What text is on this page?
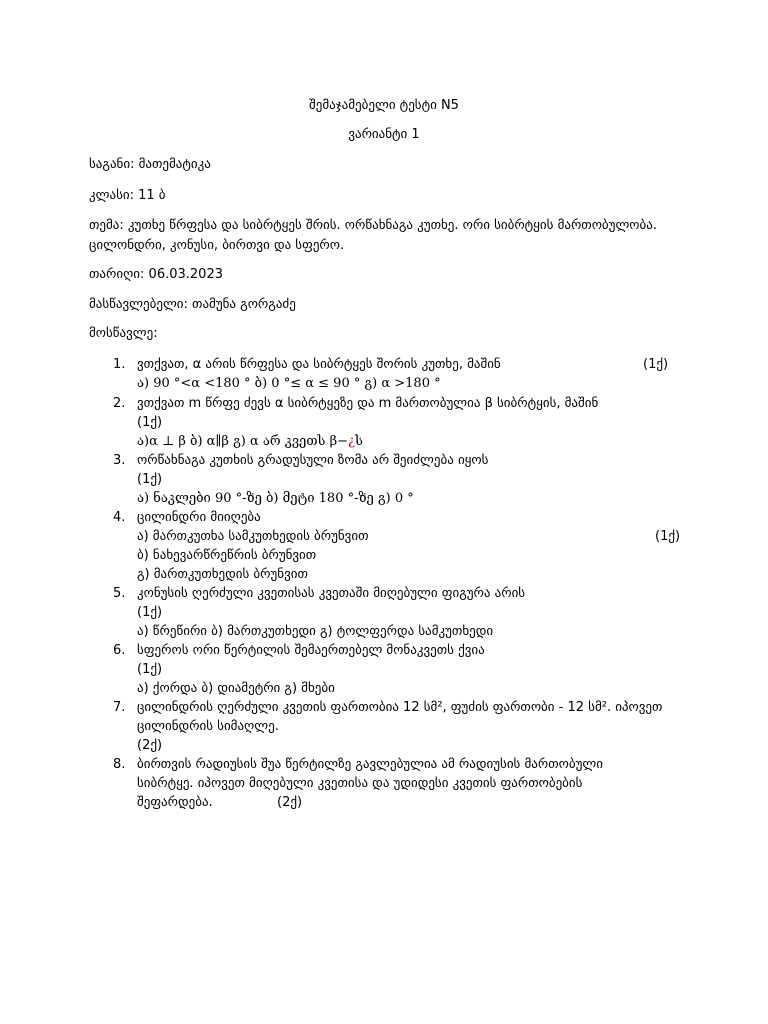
შემაჯამებელი ტესტი N5
ვარიანტი 1
საგანი: მათემატიკა
კლასი: 11 ბ
თემა: კუთხე წრფესა და სიბრტყეს შრის. ორწახნაგა კუთხე. ორი სიბრტყის მართობულობა.
ცილონდრი, კონუსი, ბირთვი და სფერო.
თარიღი: 06.03.2023
მასწავლებელი: თამუნა გორგაძე
მოსწავლე:
1. ვთქვათ, α არის წრფესა და სიბრტყეს შორის კუთხე, მაშინ	(1ქ)
ა) 90 °<α <180 ° ბ) 0 °≤ α ≤ 90 ° გ) α >180 °
2. ვთქვათ m წრფე ძევს α სიბრტყეზე და m მართობულია β სიბრტყის, მაშინ
(1ქ)
ა)α ⊥ β ბ) α∥β გ) α არ კვეთს β−¿ს
3. ორწახნაგა კუთხის გრადუსული ზომა არ შეიძლება იყოს
(1ქ)
ა) ნაკლები 90 °-ზე ბ) მეტი 180 °-ზე გ) 0 °
4. ცილინდრი მიიღება
ა) მართკუთხა სამკუთხედის ბრუნვით	(1ქ)
ბ) ნახევარწრეწრის ბრუნვით
გ) მართკუთხედის ბრუნვით
5. კონუსის ღერძული კვეთისას კვეთაში მიღებული ფიგურა არის
(1ქ)
ა) წრეწირი ბ) მართკუთხედი გ) ტოლფერდა სამკუთხედი
6. სფეროს ორი წერტილის შემაერთებელ მონაკვეთს ქვია
(1ქ)
ა) ქორდა ბ) დიამეტრი გ) მხები
7. ცილინდრის ღერძული კვეთის ფართობია 12 სმ², ფუძის ფართობი - 12 სმ². იპოვეთ
ცილინდრის სიმაღლე.
(2ქ)
8. ბირთვის რადიუსის შუა წერტილზე გავლებულია ამ რადიუსის მართობული
სიბრტყე. იპოვეთ მიღებული კვეთისა და უდიდესი კვეთის ფართობების
შეფარდება.	(2ქ)
